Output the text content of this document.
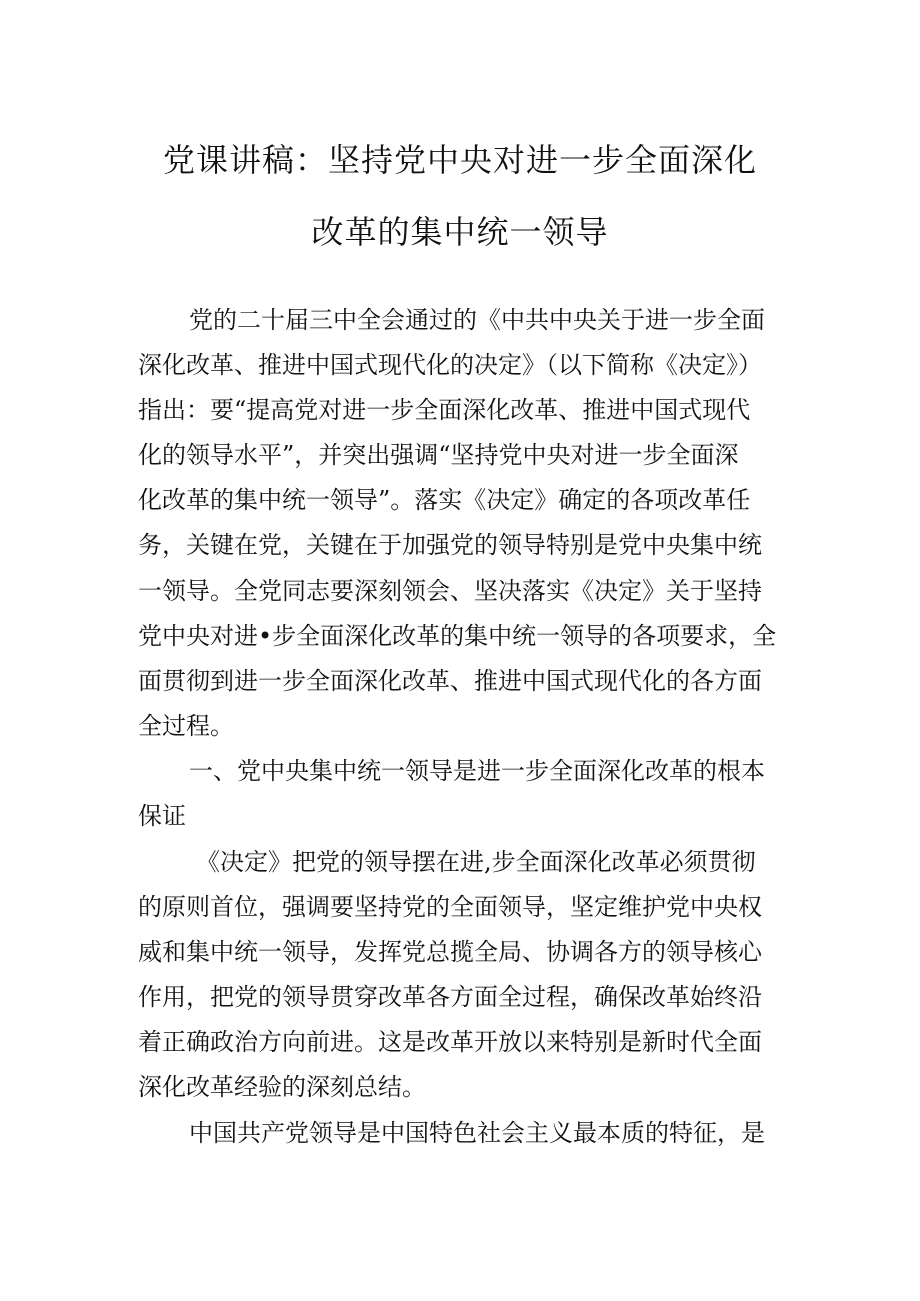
党课讲稿：坚持党中央对进一步全面深化
改革的集中统一领导
党的二十届三中全会通过的《中共中央关于进一步全面
深化改革、推进中国式现代化的决定》（以下简称《决定》）
指出：要“提高党对进一步全面深化改革、推进中国式现代
化的领导水平”，并突出强调“坚持党中央对进一步全面深
化改革的集中统一领导”。落实《决定》确定的各项改革任
务，关键在党，关键在于加强党的领导特别是党中央集中统
一领导。全党同志要深刻领会、坚决落实《决定》关于坚持
党中央对进•步全面深化改革的集中统一领导的各项要求，全
面贯彻到进一步全面深化改革、推进中国式现代化的各方面
全过程。
一、党中央集中统一领导是进一步全面深化改革的根本
保证
《决定》把党的领导摆在进,步全面深化改革必须贯彻
的原则首位，强调要坚持党的全面领导，坚定维护党中央权
威和集中统一领导，发挥党总揽全局、协调各方的领导核心
作用，把党的领导贯穿改革各方面全过程，确保改革始终沿
着正确政治方向前进。这是改革开放以来特别是新时代全面
深化改革经验的深刻总结。
中国共产党领导是中国特色社会主义最本质的特征，是
